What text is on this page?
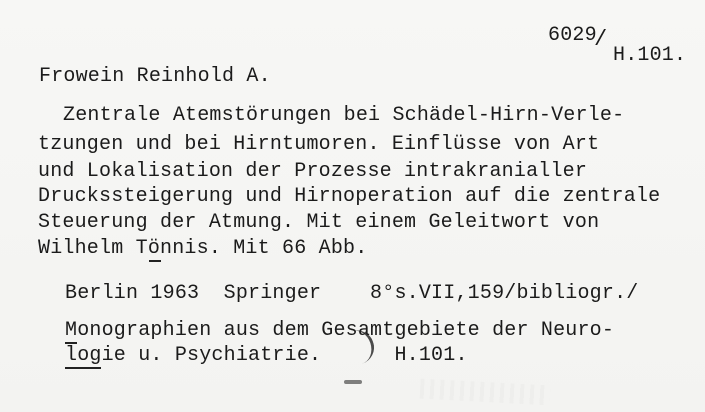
6029
/
H.101.
Frowein Reinhold A.
Zentrale Atemstörungen bei Schädel-Hirn-Verle-
tzungen und bei Hirntumoren. Einflüsse von Art
und Lokalisation der Prozesse intrakranialler
Druckssteigerung und Hirnoperation auf die zentrale
Steuerung der Atmung. Mit einem Geleitwort von
Wilhelm Tönnis. Mit 66 Abb.
Berlin 1963  Springer    8°s.VII,159/bibliogr./
Monographien aus dem Gesamtgebiete der Neuro-
logie u. Psychiatrie.      H.101.
